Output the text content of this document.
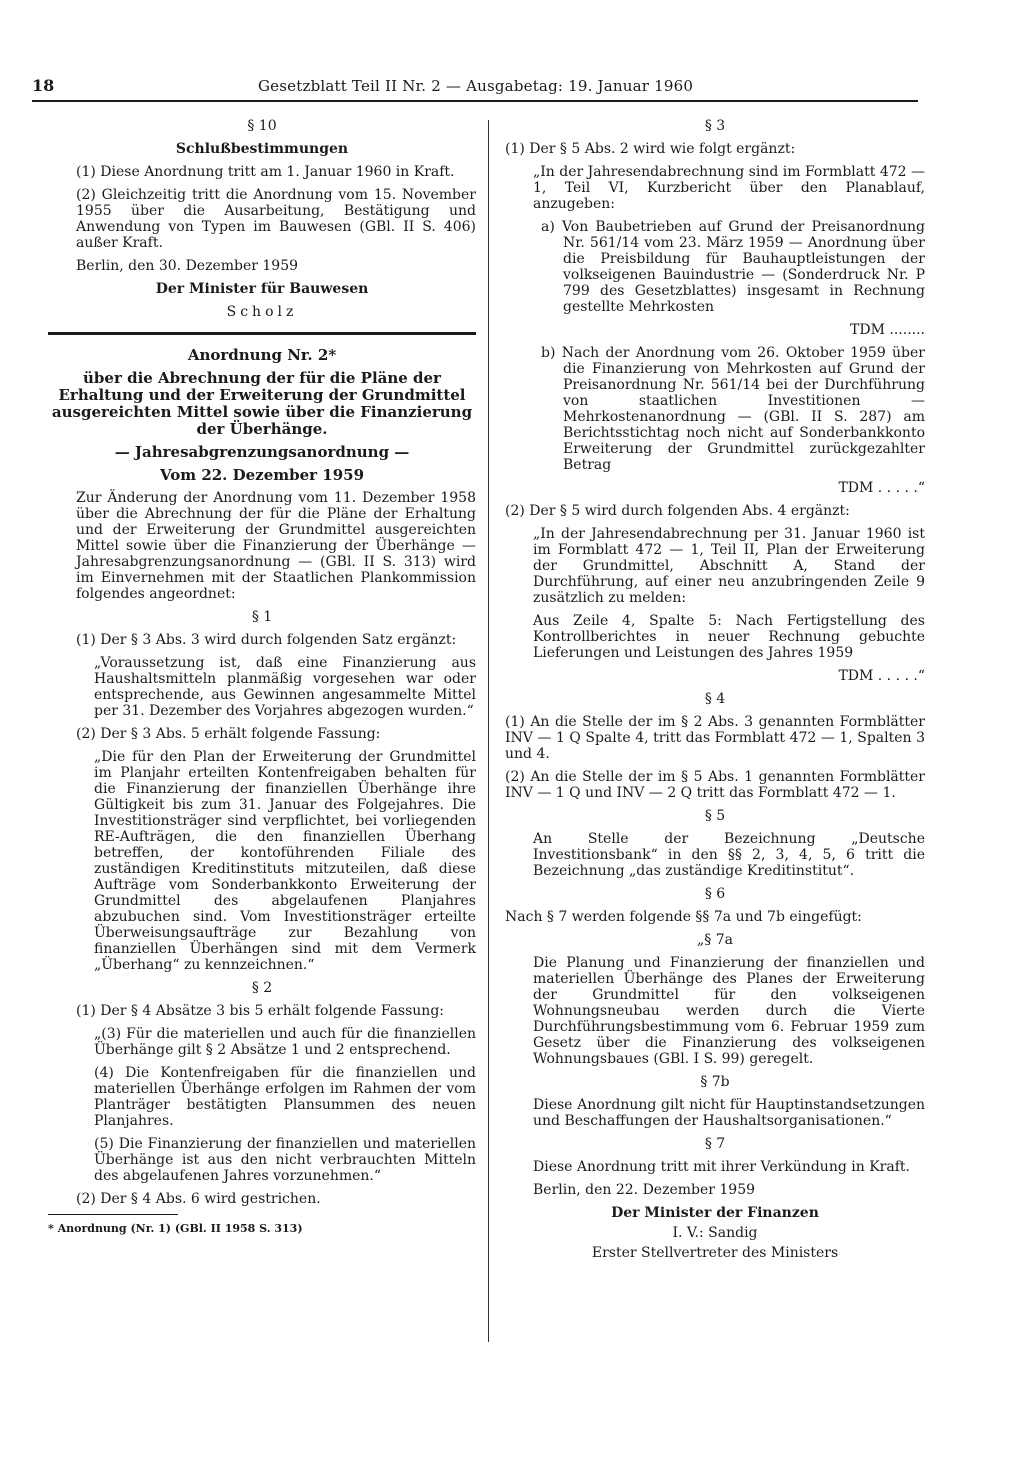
18	Gesetzblatt Teil II Nr. 2 — Ausgabetag: 19. Januar 1960

§ 10

Schlußbestimmungen

(1) Diese Anordnung tritt am 1. Januar 1960 in Kraft.

(2) Gleichzeitig tritt die Anordnung vom 15. November 1955 über die Ausarbeitung, Bestätigung und Anwendung von Typen im Bauwesen (GBl. II S. 406) außer Kraft.

Berlin, den 30. Dezember 1959

Der Minister für Bauwesen

Scholz

Anordnung Nr. 2*
über die Abrechnung der für die Pläne der Erhaltung und der Erweiterung der Grundmittel ausgereichten Mittel sowie über die Finanzierung der Überhänge.
— Jahresabgrenzungsanordnung —
Vom 22. Dezember 1959

Zur Änderung der Anordnung vom 11. Dezember 1958 über die Abrechnung der für die Pläne der Erhaltung und der Erweiterung der Grundmittel ausgereichten Mittel sowie über die Finanzierung der Überhänge — Jahresabgrenzungsanordnung — (GBl. II S. 313) wird im Einvernehmen mit der Staatlichen Plankommission folgendes angeordnet:

§ 1

(1) Der § 3 Abs. 3 wird durch folgenden Satz ergänzt:

„Voraussetzung ist, daß eine Finanzierung aus Haushaltsmitteln planmäßig vorgesehen war oder entsprechende, aus Gewinnen angesammelte Mittel per 31. Dezember des Vorjahres abgezogen wurden.“

(2) Der § 3 Abs. 5 erhält folgende Fassung:

„Die für den Plan der Erweiterung der Grundmittel im Planjahr erteilten Kontenfreigaben behalten für die Finanzierung der finanziellen Überhänge ihre Gültigkeit bis zum 31. Januar des Folgejahres. Die Investitionsträger sind verpflichtet, bei vorliegenden RE-Aufträgen, die den finanziellen Überhang betreffen, der kontoführenden Filiale des zuständigen Kreditinstituts mitzuteilen, daß diese Aufträge vom Sonderbankkonto Erweiterung der Grundmittel des abgelaufenen Planjahres abzubuchen sind. Vom Investitionsträger erteilte Überweisungsaufträge zur Bezahlung von finanziellen Überhängen sind mit dem Vermerk „Überhang“ zu kennzeichnen.“

§ 2

(1) Der § 4 Absätze 3 bis 5 erhält folgende Fassung:

„(3) Für die materiellen und auch für die finanziellen Überhänge gilt § 2 Absätze 1 und 2 entsprechend.

(4) Die Kontenfreigaben für die finanziellen und materiellen Überhänge erfolgen im Rahmen der vom Planträger bestätigten Plansummen des neuen Planjahres.

(5) Die Finanzierung der finanziellen und materiellen Überhänge ist aus den nicht verbrauchten Mitteln des abgelaufenen Jahres vorzunehmen.“

(2) Der § 4 Abs. 6 wird gestrichen.

* Anordnung (Nr. 1) (GBl. II 1958 S. 313)

§ 3

(1) Der § 5 Abs. 2 wird wie folgt ergänzt:

„In der Jahresendabrechnung sind im Formblatt 472 — 1, Teil VI, Kurzbericht über den Planablauf, anzugeben:

a) Von Baubetrieben auf Grund der Preisanordnung Nr. 561/14 vom 23. März 1959 — Anordnung über die Preisbildung für Bauhauptleistungen der volkseigenen Bauindustrie — (Sonderdruck Nr. P 799 des Gesetzblattes) insgesamt in Rechnung gestellte Mehrkosten

TDM ........

b) Nach der Anordnung vom 26. Oktober 1959 über die Finanzierung von Mehrkosten auf Grund der Preisanordnung Nr. 561/14 bei der Durchführung von staatlichen Investitionen — Mehrkostenanordnung — (GBl. II S. 287) am Berichtsstichtag noch nicht auf Sonderbankkonto Erweiterung der Grundmittel zurückgezahlter Betrag

TDM . . . . .“

(2) Der § 5 wird durch folgenden Abs. 4 ergänzt:

„In der Jahresendabrechnung per 31. Januar 1960 ist im Formblatt 472 — 1, Teil II, Plan der Erweiterung der Grundmittel, Abschnitt A, Stand der Durchführung, auf einer neu anzubringenden Zeile 9 zusätzlich zu melden:

Aus Zeile 4, Spalte 5: Nach Fertigstellung des Kontrollberichtes in neuer Rechnung gebuchte Lieferungen und Leistungen des Jahres 1959

TDM . . . . .“

§ 4

(1) An die Stelle der im § 2 Abs. 3 genannten Formblätter INV — 1 Q Spalte 4, tritt das Formblatt 472 — 1, Spalten 3 und 4.

(2) An die Stelle der im § 5 Abs. 1 genannten Formblätter INV — 1 Q und INV — 2 Q tritt das Formblatt 472 — 1.

§ 5

An Stelle der Bezeichnung „Deutsche Investitionsbank“ in den §§ 2, 3, 4, 5, 6 tritt die Bezeichnung „das zuständige Kreditinstitut“.

§ 6

Nach § 7 werden folgende §§ 7a und 7b eingefügt:

„§ 7a

Die Planung und Finanzierung der finanziellen und materiellen Überhänge des Planes der Erweiterung der Grundmittel für den volkseigenen Wohnungsneubau werden durch die Vierte Durchführungsbestimmung vom 6. Februar 1959 zum Gesetz über die Finanzierung des volkseigenen Wohnungsbaues (GBl. I S. 99) geregelt.

§ 7b

Diese Anordnung gilt nicht für Hauptinstandsetzungen und Beschaffungen der Haushaltsorganisationen.“

§ 7

Diese Anordnung tritt mit ihrer Verkündung in Kraft.

Berlin, den 22. Dezember 1959

Der Minister der Finanzen

I. V.: Sandig

Erster Stellvertreter des Ministers
